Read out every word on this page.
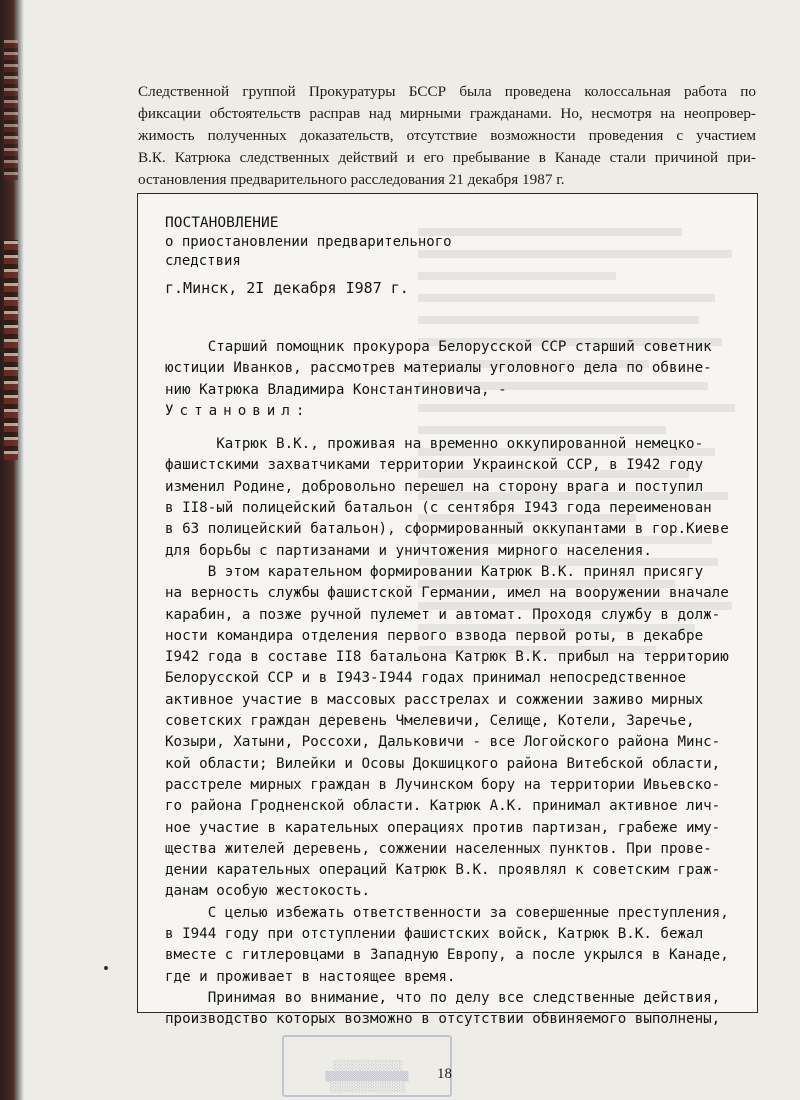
Следственной группой Прокуратуры БССР была проведена колоссальная работа по
фиксации обстоятельств расправ над мирными гражданами. Но, несмотря на неопровер-
жимость полученных доказательств, отсутствие возможности проведения с участием
В.К. Катрюка следственных действий и его пребывание в Канаде стали причиной при-
остановления предварительного расследования 21 декабря 1987 г.

ПОСТАНОВЛЕНИЕ
о приостановлении предварительного
следствия
г.Минск, 2I декабря I987 г.
Старший помощник прокурора Белорусской ССР старший советник
юстиции Иванков, рассмотрев материалы уголовного дела по обвине-
нию Катрюка Владимира Константиновича, -
Установил:
Катрюк В.К., проживая на временно оккупированной немецко-
фашистскими захватчиками территории Украинской ССР, в I942 году
изменил Родине, добровольно перешел на сторону врага и поступил
в II8-ый полицейский батальон (с сентября I943 года переименован
в 63 полицейский батальон), сформированный оккупантами в гор.Киеве
для борьбы с партизанами и уничтожения мирного населения.
В этом карательном формировании Катрюк В.К. принял присягу
на верность службы фашистской Германии, имел на вооружении вначале
карабин, а позже ручной пулемет и автомат. Проходя службу в долж-
ности командира отделения первого взвода первой роты, в декабре
I942 года в составе II8 батальона Катрюк В.К. прибыл на территорию
Белорусской ССР и в I943-I944 годах принимал непосредственное
активное участие в массовых расстрелах и сожжении заживо мирных
советских граждан деревень Чмелевичи, Селище, Котели, Заречье,
Козыри, Хатыни, Россохи, Дальковичи - все Логойского района Минс-
кой области; Вилейки и Осовы Докшицкого района Витебской области,
расстреле мирных граждан в Лучинском бору на территории Ивьевско-
го района Гродненской области. Катрюк А.К. принимал активное лич-
ное участие в карательных операциях против партизан, грабеже иму-
щества жителей деревень, сожжении населенных пунктов. При прове-
дении карательных операций Катрюк В.К. проявлял к советским граж-
данам особую жестокость.
С целью избежать ответственности за совершенные преступления,
в I944 году при отступлении фашистских войск, Катрюк В.К. бежал
вместе с гитлеровцами в Западную Европу, а после укрылся в Канаде,
где и проживает в настоящее время.
Принимая во внимание, что по делу все следственные действия,
производство которых возможно в отсутствии обвиняемого выполнены,
░░░░░░░░░░░
▒▒▒▒▒▒▒▒▒▒▒▒
░░░░░░░░░░
18
